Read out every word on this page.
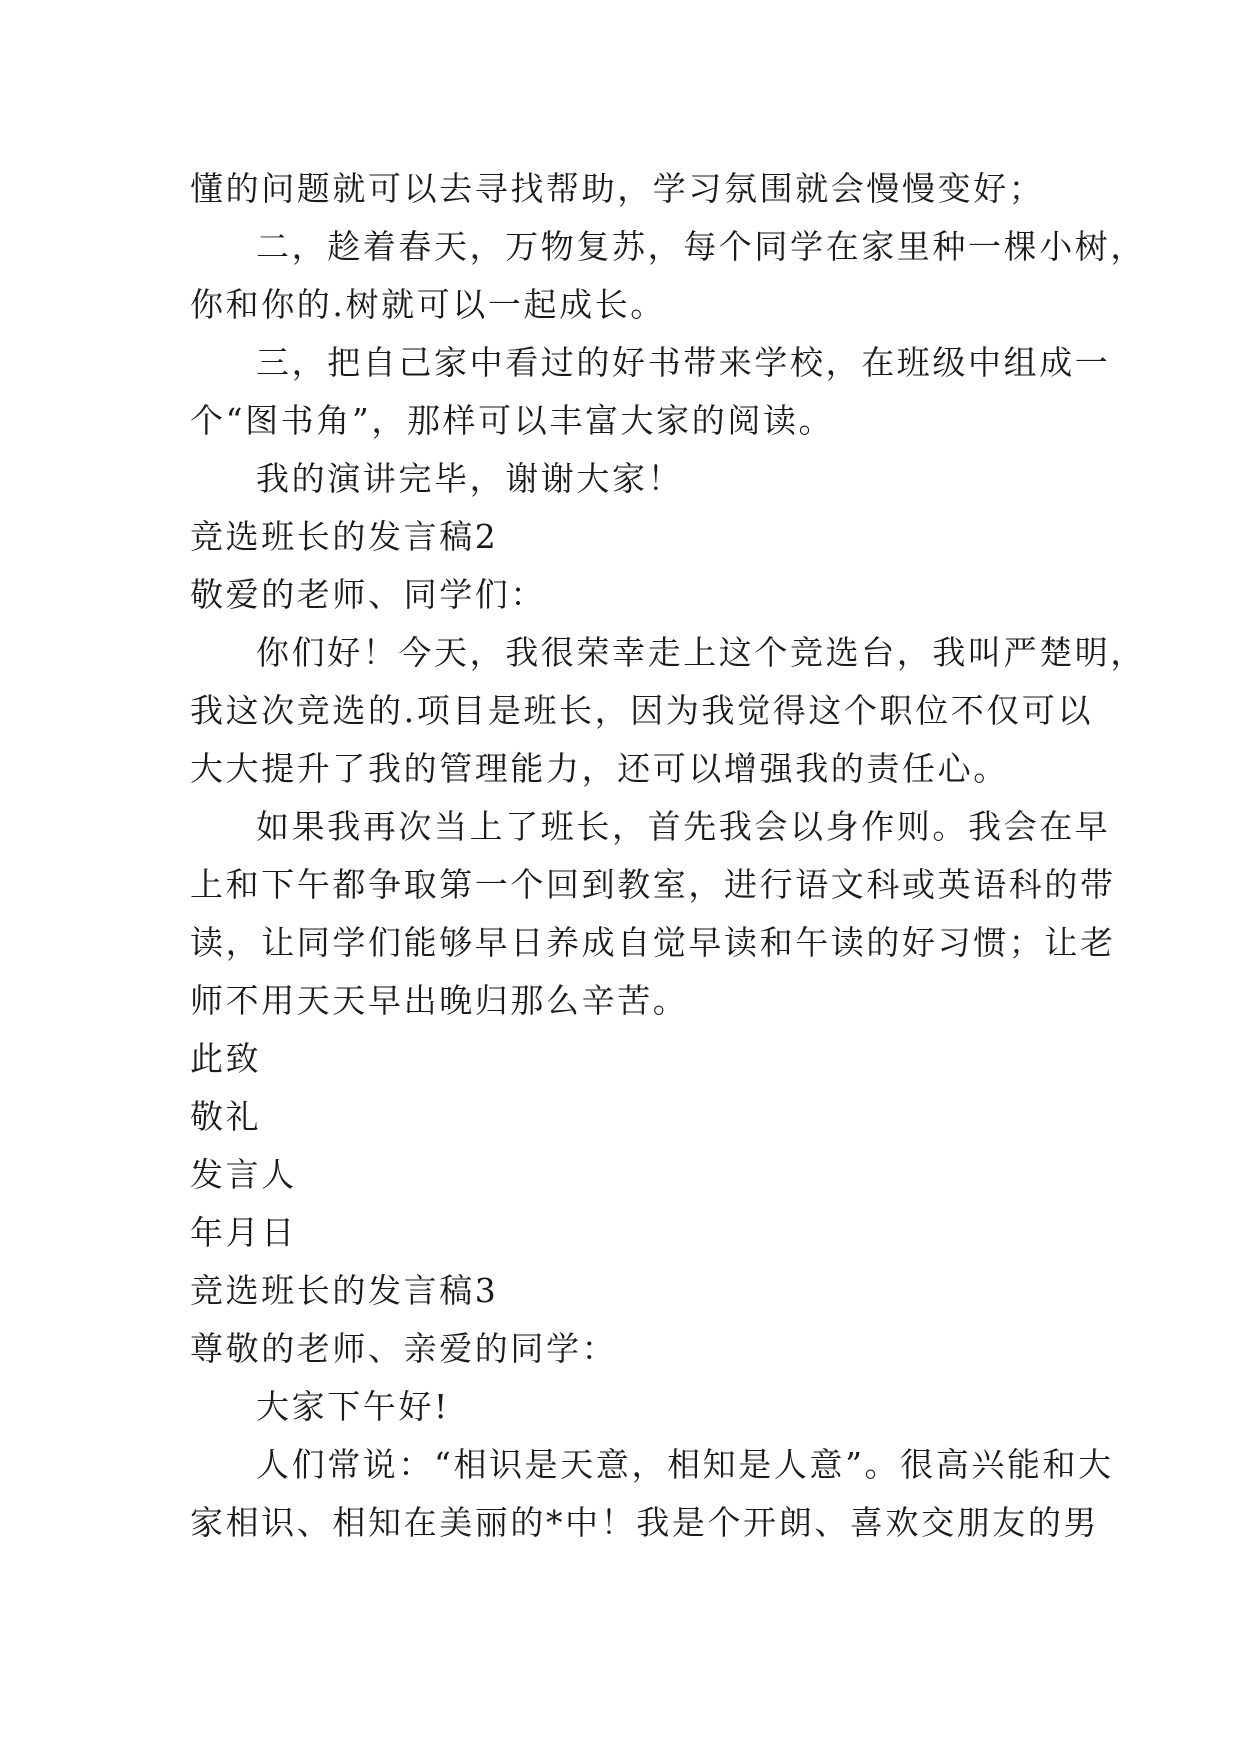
懂的问题就可以去寻找帮助，学习氛围就会慢慢变好；
二，趁着春天，万物复苏，每个同学在家里种一棵小树，
你和你的.树就可以一起成长。
三，把自己家中看过的好书带来学校，在班级中组成一
个“图书角”，那样可以丰富大家的阅读。
我的演讲完毕，谢谢大家！
竞选班长的发言稿2
敬爱的老师、同学们：
你们好！今天，我很荣幸走上这个竞选台，我叫严楚明，
我这次竞选的.项目是班长，因为我觉得这个职位不仅可以
大大提升了我的管理能力，还可以增强我的责任心。
如果我再次当上了班长，首先我会以身作则。我会在早
上和下午都争取第一个回到教室，进行语文科或英语科的带
读，让同学们能够早日养成自觉早读和午读的好习惯；让老
师不用天天早出晚归那么辛苦。
此致
敬礼
发言人
年月日
竞选班长的发言稿3
尊敬的老师、亲爱的同学：
大家下午好!
人们常说：“相识是天意，相知是人意”。很高兴能和大
家相识、相知在美丽的*中！我是个开朗、喜欢交朋友的男
